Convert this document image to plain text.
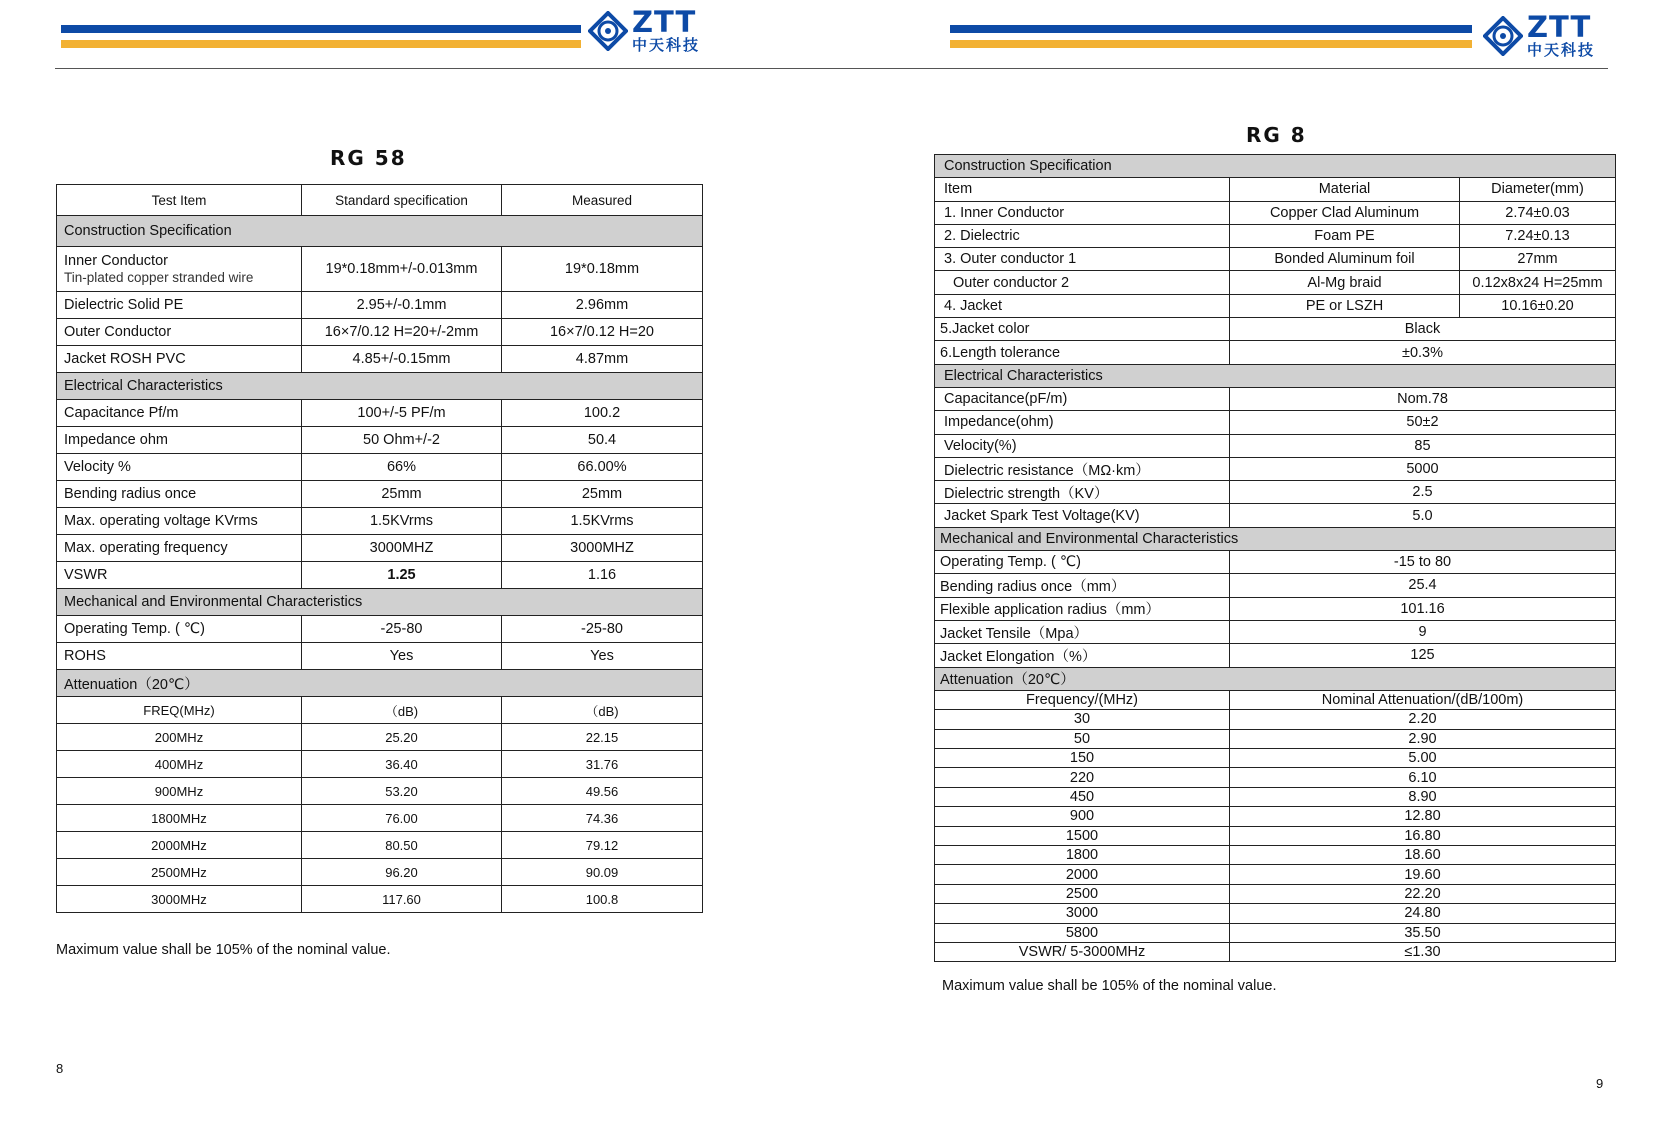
ZTT
中天科技
ZTT
中天科技
RG 58
Test Item	Standard specification	Measured
Construction Specification		
Inner Conductor
Tin-plated copper stranded wire	19*0.18mm+/-0.013mm	19*0.18mm
Dielectric Solid PE	2.95+/-0.1mm	2.96mm
Outer Conductor	16×7/0.12 H=20+/-2mm	16×7/0.12 H=20
Jacket ROSH PVC	4.85+/-0.15mm	4.87mm
Electrical Characteristics		
Capacitance Pf/m	100+/-5 PF/m	100.2
Impedance ohm	50 Ohm+/-2	50.4
Velocity %	66%	66.00%
Bending radius once	25mm	25mm
Max. operating voltage KVrms	1.5KVrms	1.5KVrms
Max. operating frequency	3000MHZ	3000MHZ
VSWR	1.25	1.16
Mechanical and Environmental Characteristics		
Operating Temp. ( ℃)	-25-80	-25-80
ROHS	Yes	Yes
Attenuation（20℃）		
FREQ(MHz)	（dB)	（dB)
200MHz	25.20	22.15
400MHz	36.40	31.76
900MHz	53.20	49.56
1800MHz	76.00	74.36
2000MHz	80.50	79.12
2500MHz	96.20	90.09
3000MHz	117.60	100.8
Maximum value shall be 105% of the nominal value.
8
RG 8
Construction Specification		
Item	Material	Diameter(mm)
1. Inner Conductor	Copper Clad Aluminum	2.74±0.03
2. Dielectric	Foam PE	7.24±0.13
3. Outer conductor 1	Bonded Aluminum foil	27mm
Outer conductor 2	Al-Mg braid	0.12x8x24 H=25mm
4. Jacket	PE or LSZH	10.16±0.20
5.Jacket color	Black	
6.Length tolerance	±0.3%	
Electrical Characteristics		
Capacitance(pF/m)	Nom.78	
Impedance(ohm)	50±2	
Velocity(%)	85	
Dielectric resistance（MΩ·km）	5000	
Dielectric strength（KV）	2.5	
Jacket Spark Test Voltage(KV)	5.0	
Mechanical and Environmental Characteristics		
Operating Temp. ( ℃)	-15 to 80	
Bending radius once（mm）	25.4	
Flexible application radius（mm）	101.16	
Jacket Tensile（Mpa）	9	
Jacket Elongation（%）	125	
Attenuation（20℃）		
Frequency/(MHz)	Nominal Attenuation/(dB/100m)	
30	2.20	
50	2.90	
150	5.00	
220	6.10	
450	8.90	
900	12.80	
1500	16.80	
1800	18.60	
2000	19.60	
2500	22.20	
3000	24.80	
5800	35.50	
VSWR/ 5-3000MHz	≤1.30	
Maximum value shall be 105% of the nominal value.
9
